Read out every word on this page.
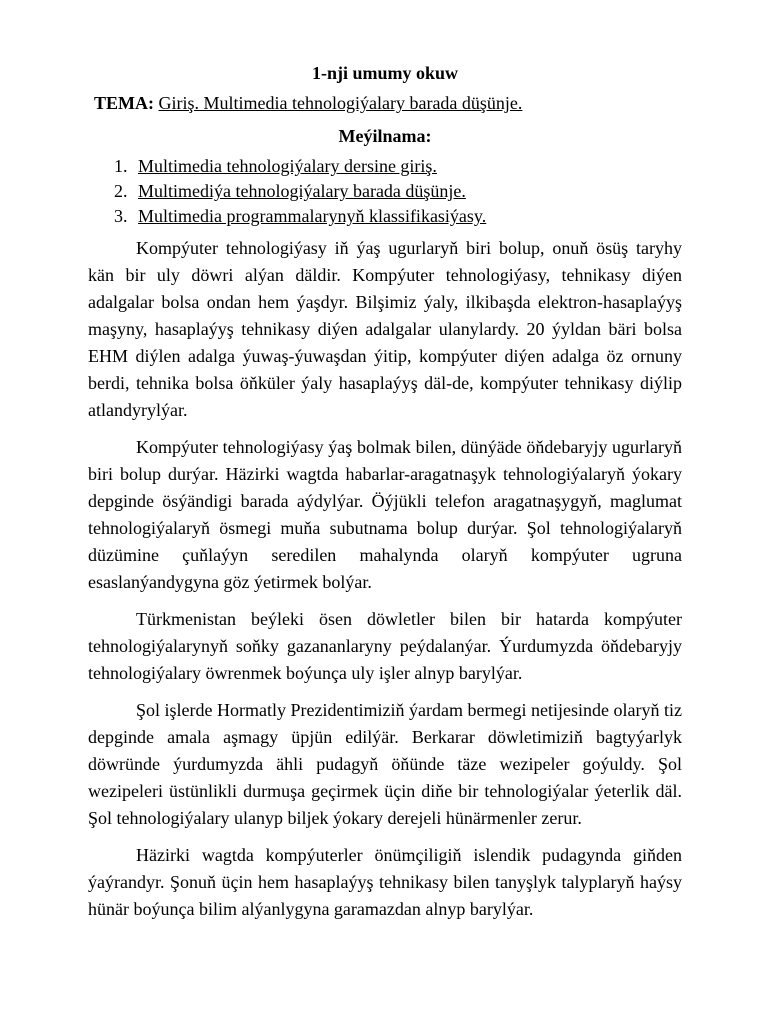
1-nji umumy okuw

TEMA: Giriş. Multimedia tehnologiýalary barada düşünje.

Meýilnama:

1. Multimedia tehnologiýalary dersine giriş.
2. Multimediýa tehnologiýalary barada düşünje.
3. Multimedia programmalarynyň klassifikasiýasy.

Kompýuter tehnologiýasy iň ýaş ugurlaryň biri bolup, onuň ösüş taryhy kän bir uly döwri alýan däldir. Kompýuter tehnologiýasy, tehnikasy diýen adalgalar bolsa ondan hem ýaşdyr. Bilşimiz ýaly, ilkibaşda elektron-hasaplaýyş maşyny, hasaplaýyş tehnikasy diýen adalgalar ulanylardy. 20 ýyldan bäri bolsa EHM diýlen adalga ýuwaş-ýuwaşdan ýitip, kompýuter diýen adalga öz ornuny berdi, tehnika bolsa öňküler ýaly hasaplaýyş däl-de, kompýuter tehnikasy diýlip atlandyrylýar.

Kompýuter tehnologiýasy ýaş bolmak bilen, dünýäde öňdebaryjy ugurlaryň biri bolup durýar. Häzirki wagtda habarlar-aragatnaşyk tehnologiýalaryň ýokary depginde ösýändigi barada aýdylýar. Öýjükli telefon aragatnaşygyň, maglumat tehnologiýalaryň ösmegi muňa subutnama bolup durýar. Şol tehnologiýalaryň düzümine çuňlaýyn seredilen mahalynda olaryň kompýuter ugruna esaslanýandygyna göz ýetirmek bolýar.

Türkmenistan beýleki ösen döwletler bilen bir hatarda kompýuter tehnologiýalarynyň soňky gazananlaryny peýdalanýar. Ýurdumyzda öňdebaryjy tehnologiýalary öwrenmek boýunça uly işler alnyp barylýar.

Şol işlerde Hormatly Prezidentimiziň ýardam bermegi netijesinde olaryň tiz depginde amala aşmagy üpjün edilýär. Berkarar döwletimiziň bagtyýarlyk döwründe ýurdumyzda ähli pudagyň öňünde täze wezipeler goýuldy. Şol wezipeleri üstünlikli durmuşa geçirmek üçin diňe bir tehnologiýalar ýeterlik däl. Şol tehnologiýalary ulanyp biljek ýokary derejeli hünärmenler zerur.

Häzirki wagtda kompýuterler önümçiligiň islendik pudagynda giňden ýaýrandyr. Şonuň üçin hem hasaplaýyş tehnikasy bilen tanyşlyk talyplaryň haýsy hünär boýunça bilim alýanlygyna garamazdan alnyp barylýar.
